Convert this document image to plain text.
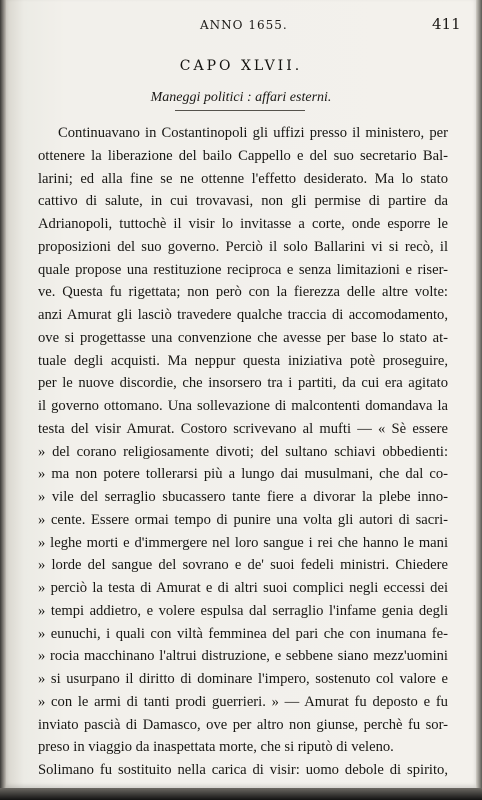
ANNO 1655.	411
CAPO XLVII.
Maneggi politici : affari esterni.
Continuavano in Costantinopoli gli uffizi presso il ministero, per
ottenere la liberazione del bailo Cappello e del suo secretario Bal-
larini; ed alla fine se ne ottenne l'effetto desiderato. Ma lo stato
cattivo di salute, in cui trovavasi, non gli permise di partire da
Adrianopoli, tuttochè il visir lo invitasse a corte, onde esporre le
proposizioni del suo governo. Perciò il solo Ballarini vi si recò, il
quale propose una restituzione reciproca e senza limitazioni e riser-
ve. Questa fu rigettata; non però con la fierezza delle altre volte:
anzi Amurat gli lasciò travedere qualche traccia di accomodamento,
ove si progettasse una convenzione che avesse per base lo stato at-
tuale degli acquisti. Ma neppur questa iniziativa potè proseguire,
per le nuove discordie, che insorsero tra i partiti, da cui era agitato
il governo ottomano. Una sollevazione di malcontenti domandava la
testa del visir Amurat. Costoro scrivevano al mufti — « Sè essere
» del corano religiosamente divoti; del sultano schiavi obbedienti:
» ma non potere tollerarsi più a lungo dai musulmani, che dal co-
» vile del serraglio sbucassero tante fiere a divorar la plebe inno-
» cente. Essere ormai tempo di punire una volta gli autori di sacri-
» leghe morti e d'immergere nel loro sangue i rei che hanno le mani
» lorde del sangue del sovrano e de' suoi fedeli ministri. Chiedere
» perciò la testa di Amurat e di altri suoi complici negli eccessi dei
» tempi addietro, e volere espulsa dal serraglio l'infame genia degli
» eunuchi, i quali con viltà femminea del pari che con inumana fe-
» rocia macchinano l'altrui distruzione, e sebbene siano mezz'uomini
» si usurpano il diritto di dominare l'impero, sostenuto col valore e
» con le armi di tanti prodi guerrieri. » — Amurat fu deposto e fu
inviato pascià di Damasco, ove per altro non giunse, perchè fu sor-
preso in viaggio da inaspettata morte, che si riputò di veleno.
Solimano fu sostituito nella carica di visir: uomo debole di spirito,
